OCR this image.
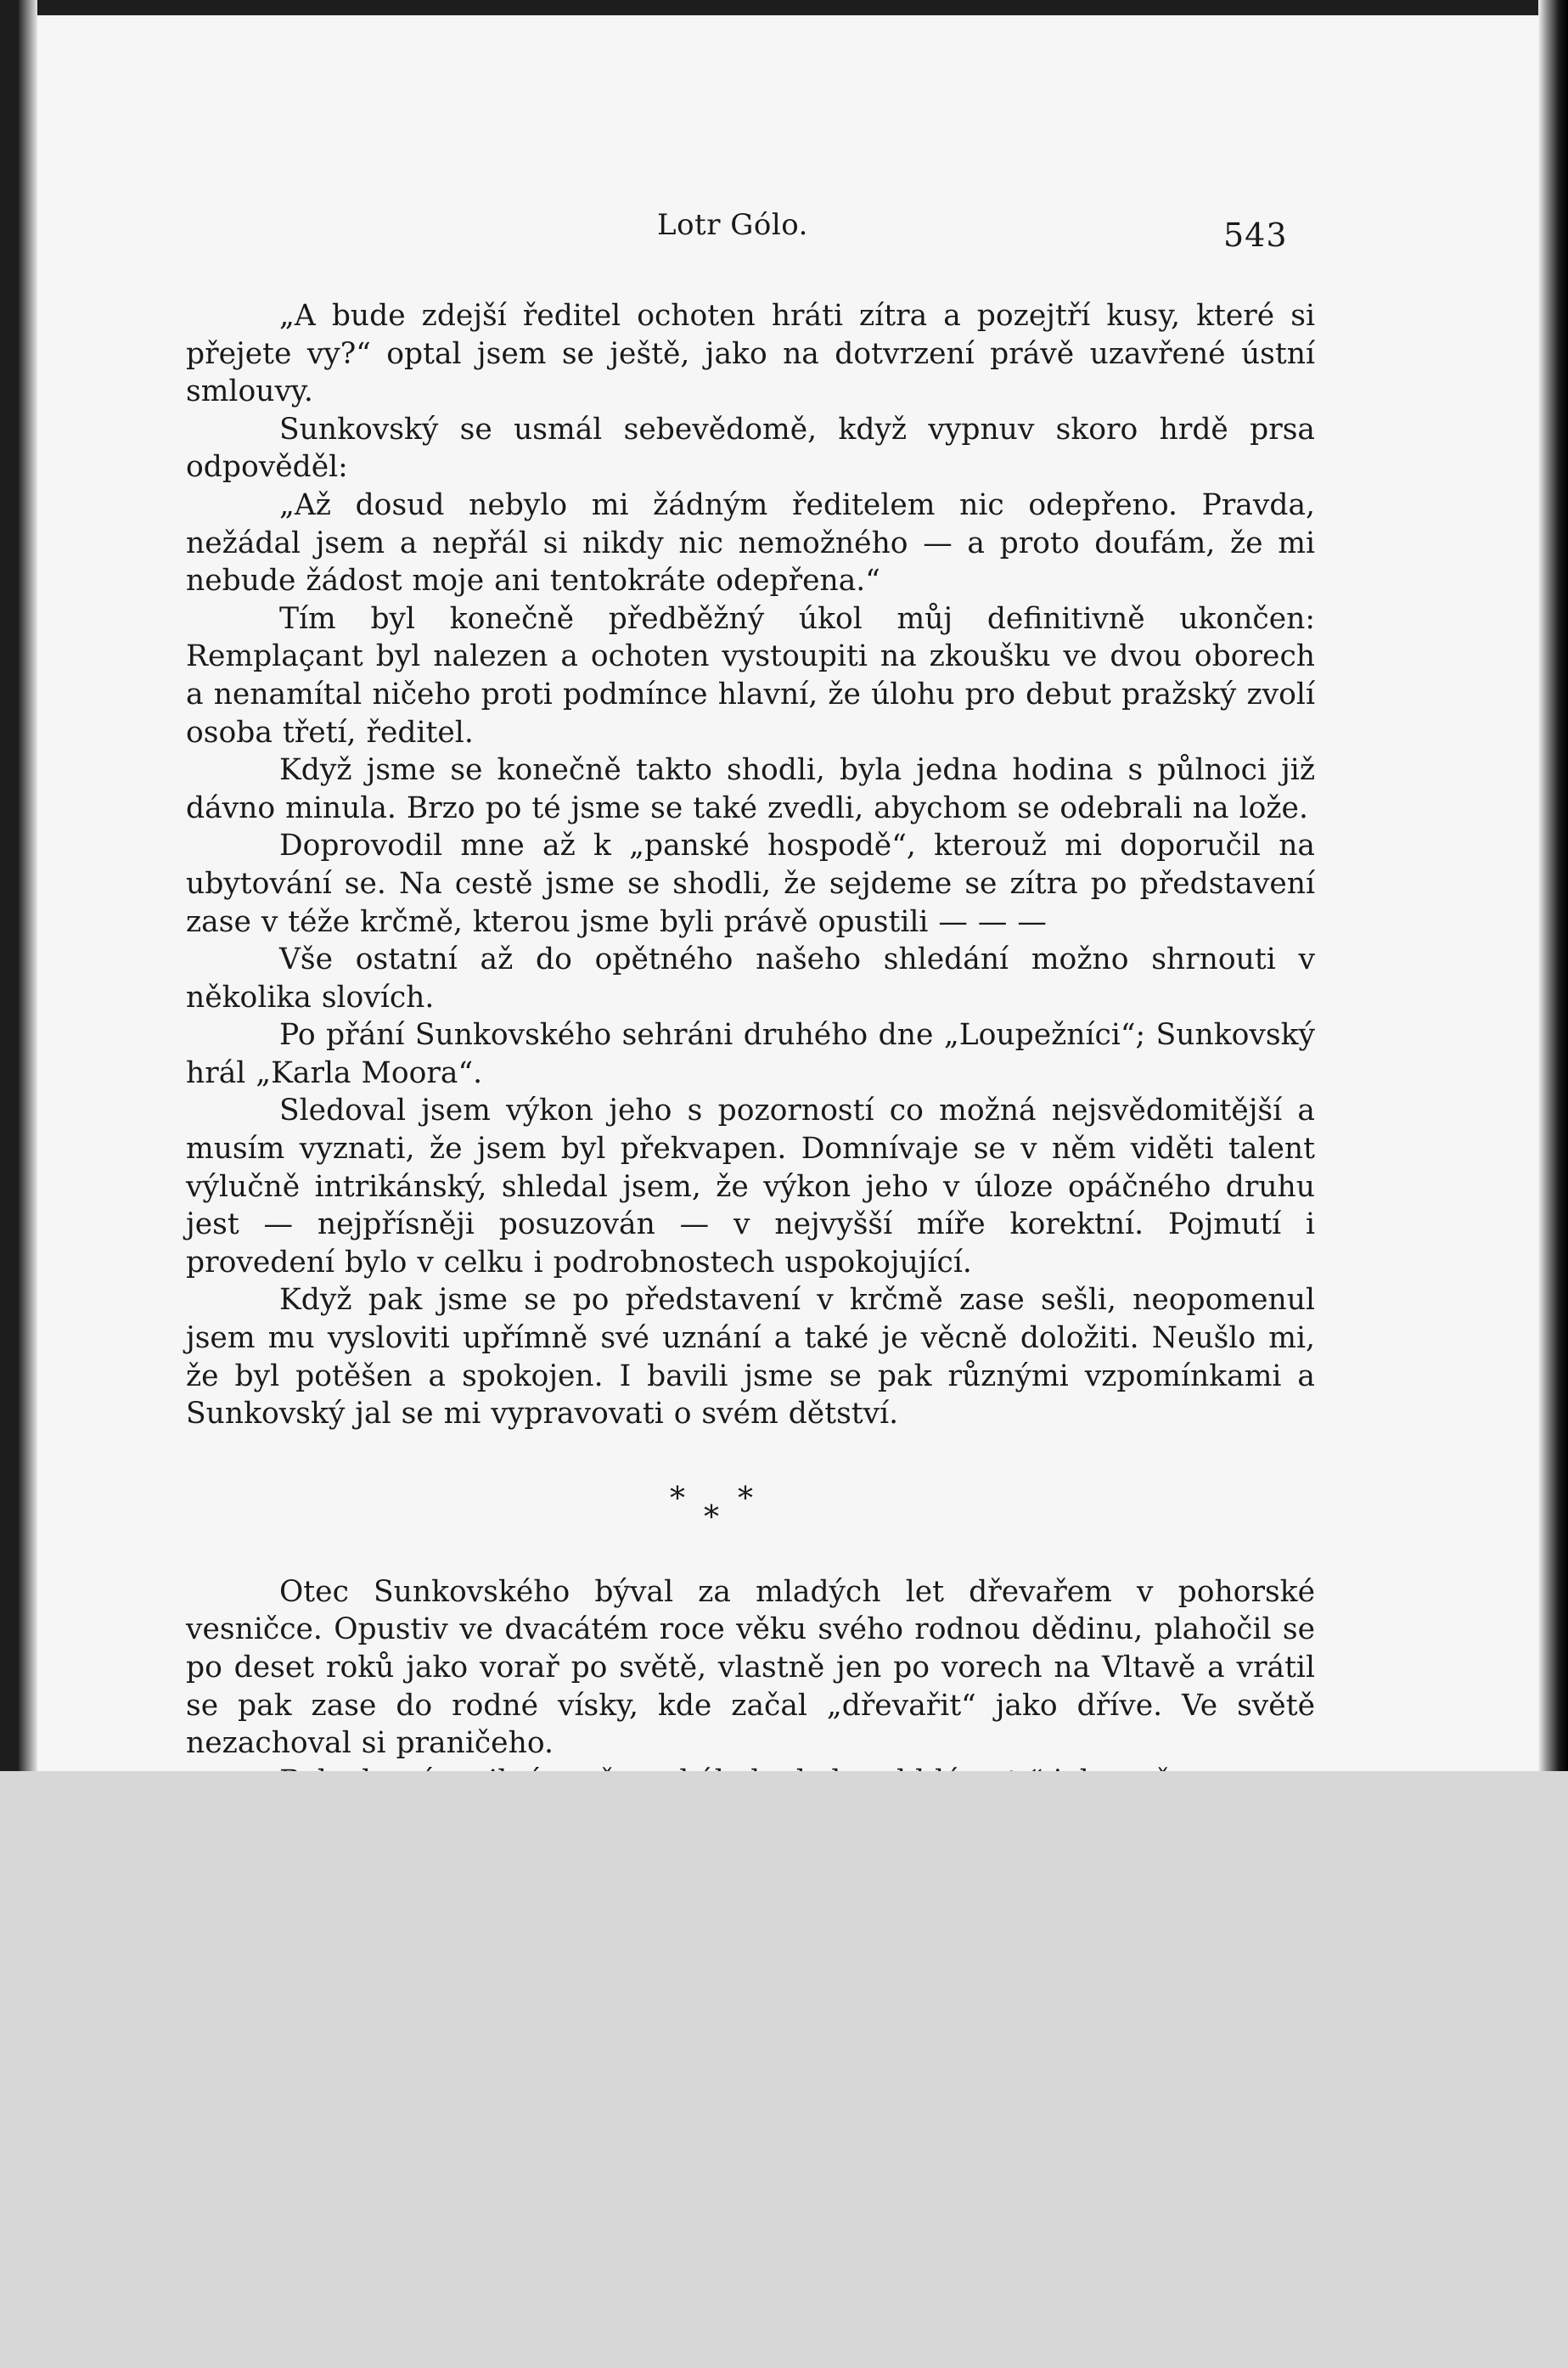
Lotr Gólo.	543

„A bude zdejší ředitel ochoten hráti zítra a pozejtří kusy, které si přejete vy?“ optal jsem se ještě, jako na dotvrzení právě uzavřené ústní smlouvy.

Sunkovský se usmál sebevědomě, když vypnuv skoro hrdě prsa odpověděl:

„Až dosud nebylo mi žádným ředitelem nic odepřeno. Pravda, nežádal jsem a nepřál si nikdy nic nemožného — a proto doufám, že mi nebude žádost moje ani tentokráte odepřena.“

Tím byl konečně předběžný úkol můj definitivně ukončen: Remplaçant byl nalezen a ochoten vystoupiti na zkoušku ve dvou oborech a nenamítal ničeho proti podmínce hlavní, že úlohu pro debut pražský zvolí osoba třetí, ředitel.

Když jsme se konečně takto shodli, byla jedna hodina s půlnoci již dávno minula. Brzo po té jsme se také zvedli, abychom se odebrali na lože.

Doprovodil mne až k „panské hospodě“, kterouž mi doporučil na ubytování se. Na cestě jsme se shodli, že sejdeme se zítra po představení zase v téže krčmě, kterou jsme byli právě opustili — — —

Vše ostatní až do opětného našeho shledání možno shrnouti v několika slovích.

Po přání Sunkovského sehráni druhého dne „Loupežníci“; Sunkovský hrál „Karla Moora“.

Sledoval jsem výkon jeho s pozorností co možná nejsvědomitější a musím vyznati, že jsem byl překvapen. Domnívaje se v něm viděti talent výlučně intrikánský, shledal jsem, že výkon jeho v úloze opáčného druhu jest — nejpřísněji posuzován — v nejvyšší míře korektní. Pojmutí i provedení bylo v celku i podrobnostech uspokojující.

Když pak jsme se po představení v krčmě zase sešli, neopomenul jsem mu vysloviti upřímně své uznání a také je věcně doložiti. Neušlo mi, že byl potěšen a spokojen. I bavili jsme se pak různými vzpomínkami a Sunkovský jal se mi vypravovati o svém dětství.

*
*
*

Otec Sunkovského býval za mladých let dřevařem v pohorské vesničce. Opustiv ve dvacátém roce věku svého rodnou dědinu, plahočil se po deset roků jako vorař po světě, vlastně jen po vorech na Vltavě a vrátil se pak zase do rodné vísky, kde začal „dřevařit“ jako dříve. Ve světě nezachoval si praničeho.
